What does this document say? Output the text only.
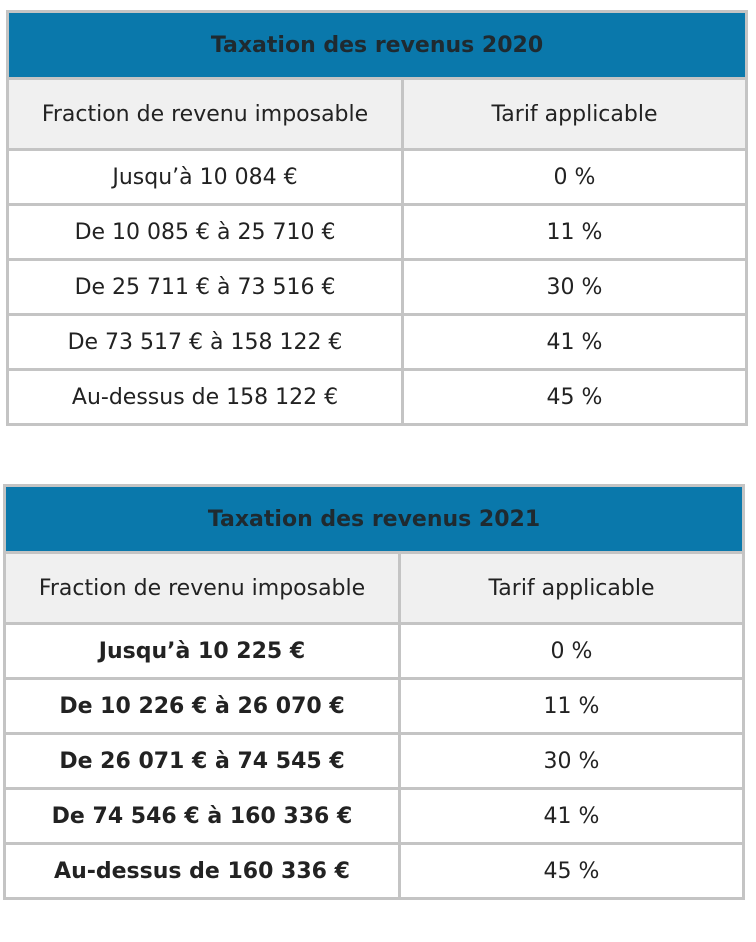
Taxation des revenus 2020	
Fraction de revenu imposable	Tarif applicable
Jusqu’à 10 084 €	0 %
De 10 085 € à 25 710 €	11 %
De 25 711 € à 73 516 €	30 %
De 73 517 € à 158 122 €	41 %
Au-dessus de 158 122 €	45 %
Taxation des revenus 2021	
Fraction de revenu imposable	Tarif applicable
Jusqu’à 10 225 €	0 %
De 10 226 € à 26 070 €	11 %
De 26 071 € à 74 545 €	30 %
De 74 546 € à 160 336 €	41 %
Au-dessus de 160 336 €	45 %
